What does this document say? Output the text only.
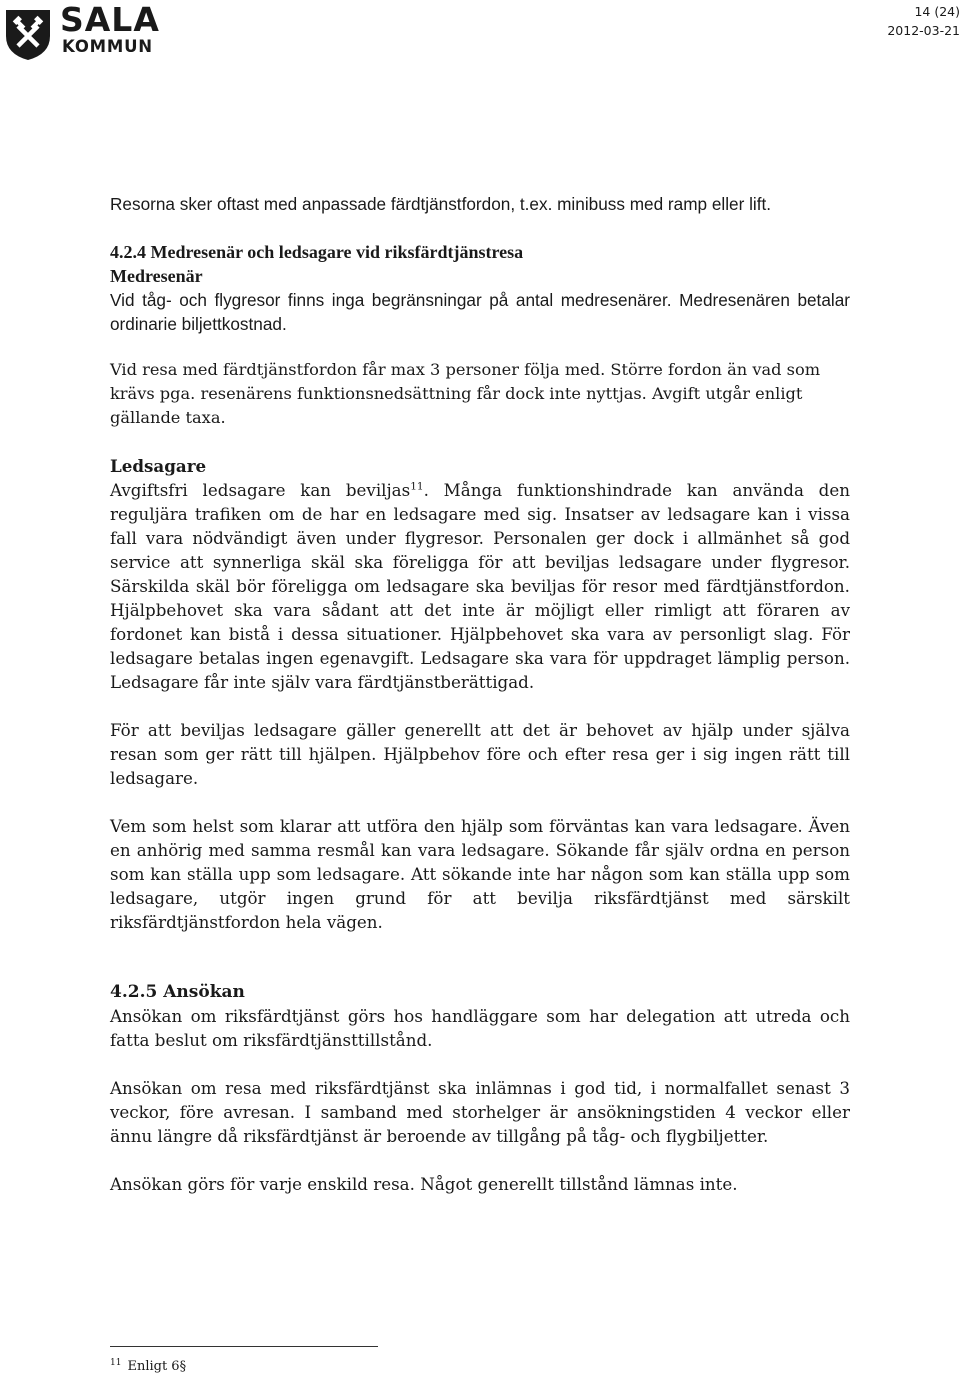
SALA
KOMMUN
14 (24)
2012-03-21

Resorna sker oftast med anpassade färdtjänstfordon, t.ex. minibuss med ramp eller lift.

4.2.4 Medresenär och ledsagare vid riksfärdtjänstresa
Medresenär
Vid tåg- och flygresor finns inga begränsningar på antal medresenärer. Medresenären betalar ordinarie biljettkostnad.

Vid resa med färdtjänstfordon får max 3 personer följa med. Större fordon än vad som krävs pga. resenärens funktionsnedsättning får dock inte nyttjas. Avgift utgår enligt gällande taxa.

Ledsagare
Avgiftsfri ledsagare kan beviljas$^{11}$. Många funktionshindrade kan använda den reguljära trafiken om de har en ledsagare med sig. Insatser av ledsagare kan i vissa fall vara nödvändigt även under flygresor. Personalen ger dock i allmänhet så god service att synnerliga skäl ska föreligga för att beviljas ledsagare under flygresor. Särskilda skäl bör föreligga om ledsagare ska beviljas för resor med färdtjänstfordon. Hjälpbehovet ska vara sådant att det inte är möjligt eller rimligt att föraren av fordonet kan bistå i dessa situationer. Hjälpbehovet ska vara av personligt slag. För ledsagare betalas ingen egenavgift. Ledsagare ska vara för uppdraget lämplig person. Ledsagare får inte själv vara färdtjänstberättigad.

För att beviljas ledsagare gäller generellt att det är behovet av hjälp under själva resan som ger rätt till hjälpen. Hjälpbehov före och efter resa ger i sig ingen rätt till ledsagare.

Vem som helst som klarar att utföra den hjälp som förväntas kan vara ledsagare. Även en anhörig med samma resmål kan vara ledsagare. Sökande får själv ordna en person som kan ställa upp som ledsagare. Att sökande inte har någon som kan ställa upp som ledsagare, utgör ingen grund för att bevilja riksfärdtjänst med särskilt riksfärdtjänstfordon hela vägen.

4.2.5 Ansökan
Ansökan om riksfärdtjänst görs hos handläggare som har delegation att utreda och fatta beslut om riksfärdtjänsttillstånd.

Ansökan om resa med riksfärdtjänst ska inlämnas i god tid, i normalfallet senast 3 veckor, före avresan. I samband med storhelger är ansökningstiden 4 veckor eller ännu längre då riksfärdtjänst är beroende av tillgång på tåg- och flygbiljetter.

Ansökan görs för varje enskild resa. Något generellt tillstånd lämnas inte.

$^{11}$ Enligt 6§
